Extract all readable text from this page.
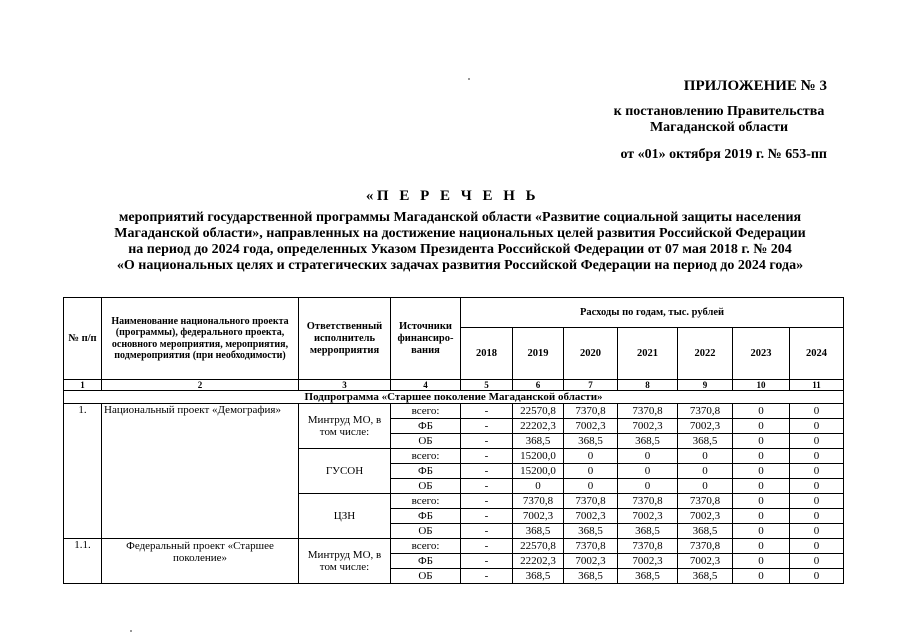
ПРИЛОЖЕНИЕ № 3
к постановлению Правительства
Магаданской области
от «01» октября 2019 г. № 653-пп
«П Е Р Е Ч Е Н Ь
мероприятий государственной программы Магаданской области «Развитие социальной защиты населения
Магаданской области», направленных на достижение национальных целей развития Российской Федерации
на период до 2024 года, определенных Указом Президента Российской Федерации от 07 мая 2018 г. № 204
«О национальных целях и стратегических задачах развития Российской Федерации на период до 2024 года»
№ п/п	Наименование национального проекта (программы), федерального проекта, основного мероприятия, мероприятия, подмероприятия (при необходимости)	Ответственный исполнитель мерроприятия	Источники финансиро-вания	Расходы по годам, тыс. рублей						
				2018	2019	2020	2021	2022	2023	2024
1	2	3	4	5	6	7	8	9	10	11
Подпрограмма «Старшее поколение Магаданской области»										
1.	Национальный проект «Демография»	Минтруд МО, в том числе:	всего:	-	22570,8	7370,8	7370,8	7370,8	0	0
			ФБ	-	22202,3	7002,3	7002,3	7002,3	0	0
			ОБ	-	368,5	368,5	368,5	368,5	0	0
		ГУСОН	всего:	-	15200,0	0	0	0	0	0
			ФБ	-	15200,0	0	0	0	0	0
			ОБ	-	0	0	0	0	0	0
		ЦЗН	всего:	-	7370,8	7370,8	7370,8	7370,8	0	0
			ФБ	-	7002,3	7002,3	7002,3	7002,3	0	0
			ОБ	-	368,5	368,5	368,5	368,5	0	0
1.1.	Федеральный проект «Старшее поколение»	Минтруд МО, в том числе:	всего:	-	22570,8	7370,8	7370,8	7370,8	0	0
			ФБ	-	22202,3	7002,3	7002,3	7002,3	0	0
			ОБ	-	368,5	368,5	368,5	368,5	0	0
